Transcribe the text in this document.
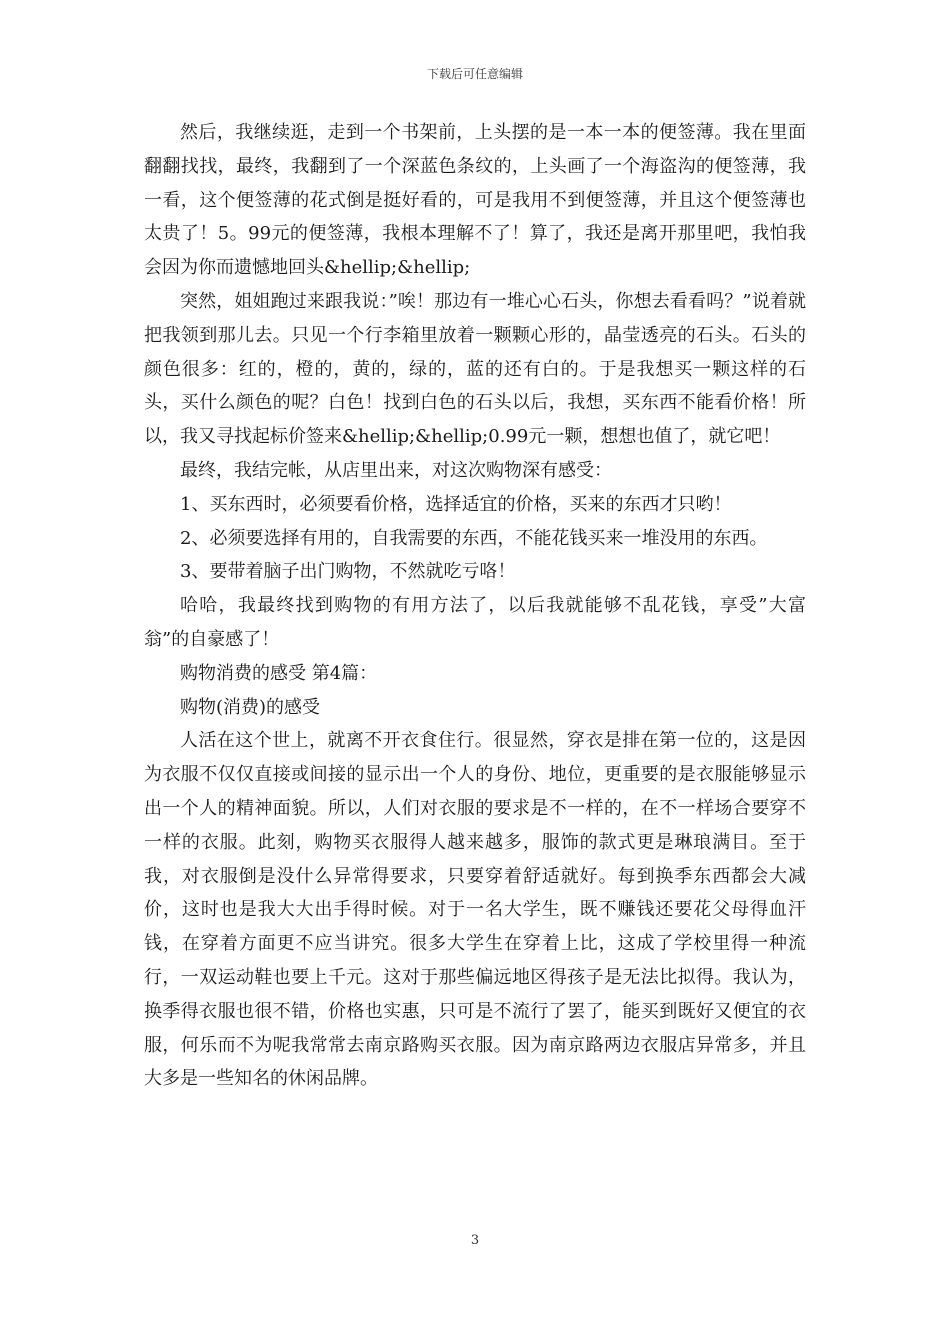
下载后可任意编辑

然后，我继续逛，走到一个书架前，上头摆的是一本一本的便签薄。我在里面翻翻找找，最终，我翻到了一个深蓝色条纹的，上头画了一个海盗沟的便签薄，我一看，这个便签薄的花式倒是挺好看的，可是我用不到便签薄，并且这个便签薄也太贵了！5。99元的便签薄，我根本理解不了！算了，我还是离开那里吧，我怕我会因为你而遗憾地回头&hellip;&hellip;

突然，姐姐跑过来跟我说：”唉！那边有一堆心心石头，你想去看看吗？”说着就把我领到那儿去。只见一个行李箱里放着一颗颗心形的，晶莹透亮的石头。石头的颜色很多：红的，橙的，黄的，绿的，蓝的还有白的。于是我想买一颗这样的石头，买什么颜色的呢？白色！找到白色的石头以后，我想，买东西不能看价格！所以，我又寻找起标价签来&hellip;&hellip;0.99元一颗，想想也值了，就它吧！

最终，我结完帐，从店里出来，对这次购物深有感受：

1、买东西时，必须要看价格，选择适宜的价格，买来的东西才只哟！

2、必须要选择有用的，自我需要的东西，不能花钱买来一堆没用的东西。

3、要带着脑子出门购物，不然就吃亏咯！

哈哈，我最终找到购物的有用方法了，以后我就能够不乱花钱，享受”大富翁”的自豪感了！

购物消费的感受 第4篇：

购物(消费)的感受

人活在这个世上，就离不开衣食住行。很显然，穿衣是排在第一位的，这是因为衣服不仅仅直接或间接的显示出一个人的身份、地位，更重要的是衣服能够显示出一个人的精神面貌。所以，人们对衣服的要求是不一样的，在不一样场合要穿不一样的衣服。此刻，购物买衣服得人越来越多，服饰的款式更是琳琅满目。至于我，对衣服倒是没什么异常得要求，只要穿着舒适就好。每到换季东西都会大减价，这时也是我大大出手得时候。对于一名大学生，既不赚钱还要花父母得血汗钱，在穿着方面更不应当讲究。很多大学生在穿着上比，这成了学校里得一种流行，一双运动鞋也要上千元。这对于那些偏远地区得孩子是无法比拟得。我认为，换季得衣服也很不错，价格也实惠，只可是不流行了罢了，能买到既好又便宜的衣服，何乐而不为呢我常常去南京路购买衣服。因为南京路两边衣服店异常多，并且大多是一些知名的休闲品牌。

3
